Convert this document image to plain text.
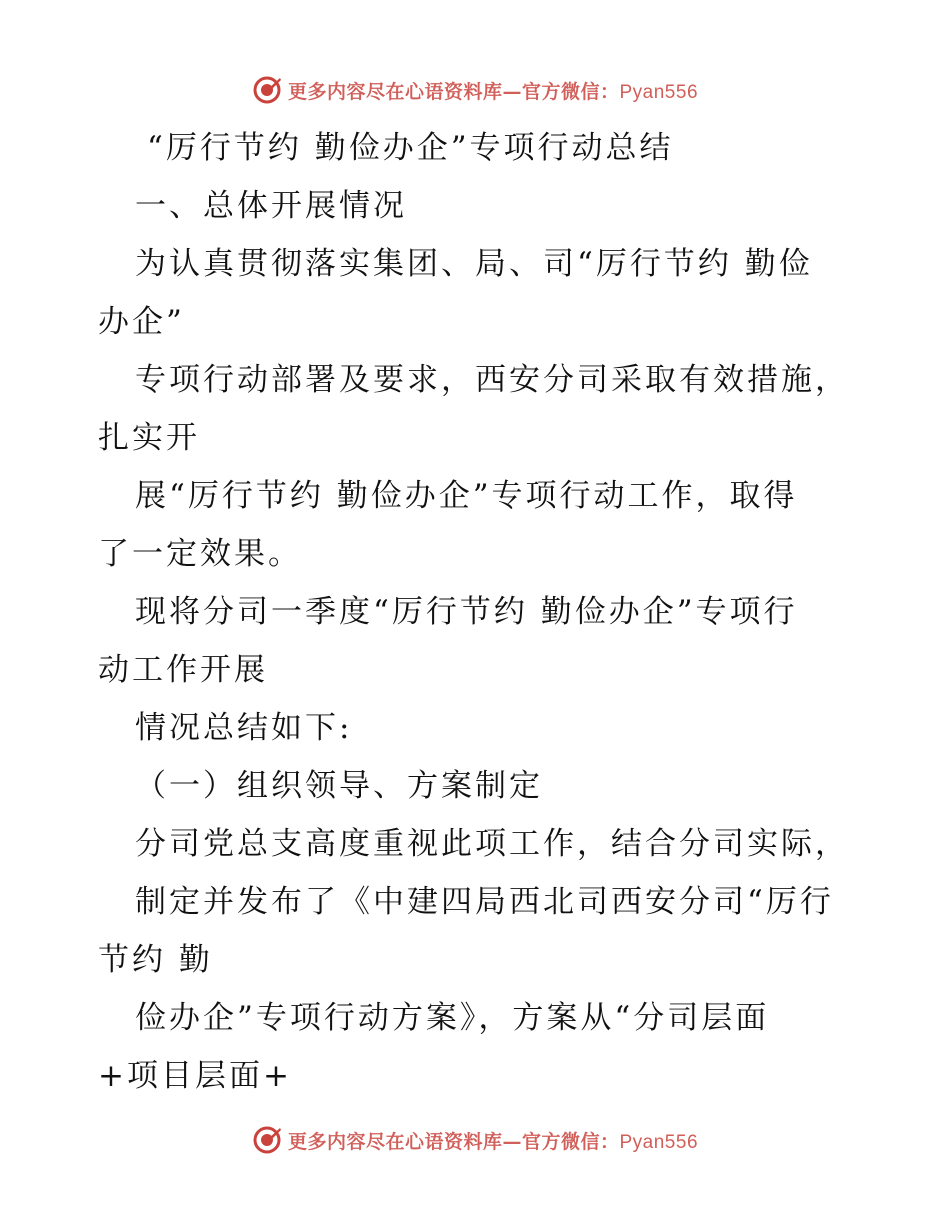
更多内容尽在心语资料库—官方微信：Pyan556
“厉行节约 勤俭办企”专项行动总结
一、总体开展情况
为认真贯彻落实集团、局、司“厉行节约 勤俭
办企”
专项行动部署及要求，西安分司采取有效措施，
扎实开
展“厉行节约 勤俭办企”专项行动工作，取得
了一定效果。
现将分司一季度“厉行节约 勤俭办企”专项行
动工作开展
情况总结如下:
（一）组织领导、方案制定
分司党总支高度重视此项工作，结合分司实际，
制定并发布了《中建四局西北司西安分司“厉行
节约 勤
俭办企”专项行动方案》，方案从“分司层面
+项目层面+
更多内容尽在心语资料库—官方微信：Pyan556
